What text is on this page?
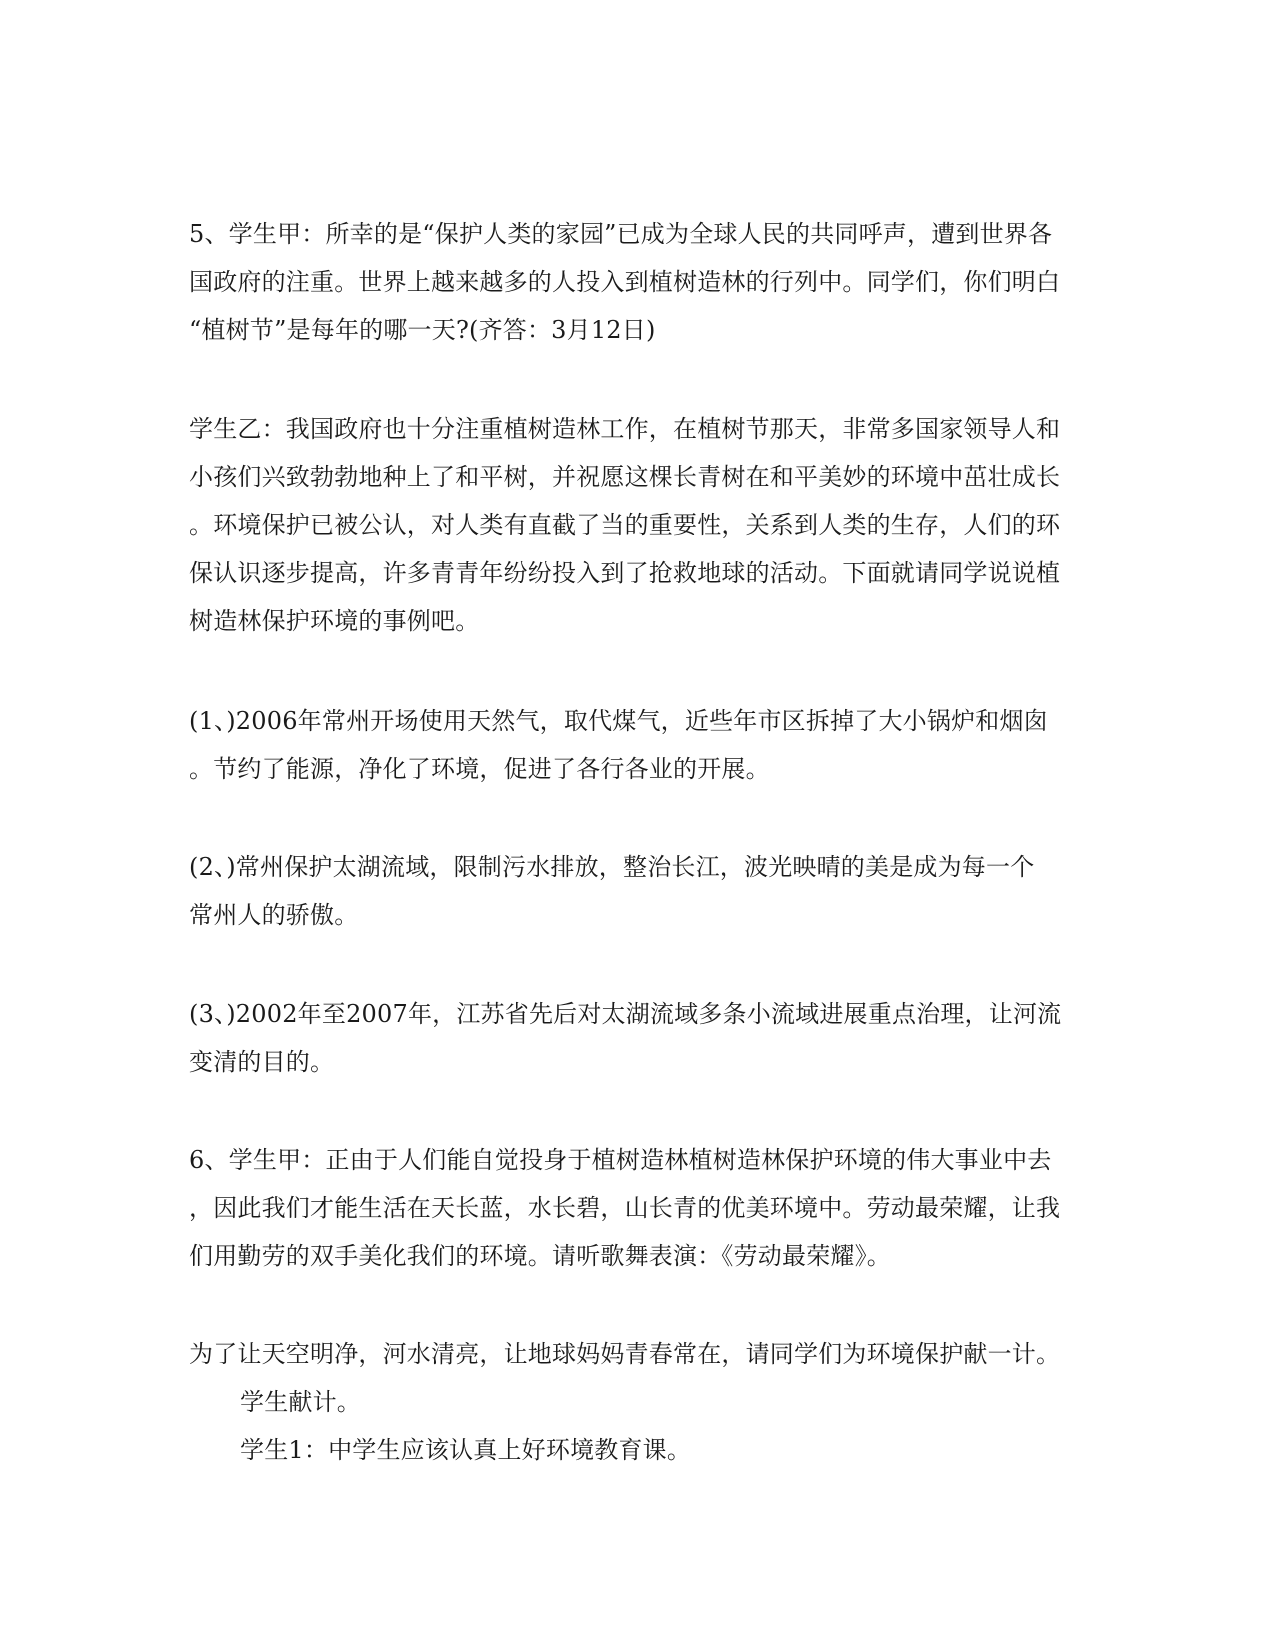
5、学生甲：所幸的是“保护人类的家园”已成为全球人民的共同呼声，遭到世界各
国政府的注重。世界上越来越多的人投入到植树造林的行列中。同学们，你们明白
“植树节”是每年的哪一天?(齐答：3月12日)
学生乙：我国政府也十分注重植树造林工作，在植树节那天，非常多国家领导人和
小孩们兴致勃勃地种上了和平树，并祝愿这棵长青树在和平美妙的环境中茁壮成长
。环境保护已被公认，对人类有直截了当的重要性，关系到人类的生存，人们的环
保认识逐步提高，许多青青年纷纷投入到了抢救地球的活动。下面就请同学说说植
树造林保护环境的事例吧。
(1、)2006年常州开场使用天然气，取代煤气，近些年市区拆掉了大小锅炉和烟囱
。节约了能源，净化了环境，促进了各行各业的开展。
(2、)常州保护太湖流域，限制污水排放，整治长江，波光映晴的美是成为每一个
常州人的骄傲。
(3、)2002年至2007年，江苏省先后对太湖流域多条小流域进展重点治理，让河流
变清的目的。
6、学生甲：正由于人们能自觉投身于植树造林植树造林保护环境的伟大事业中去
，因此我们才能生活在天长蓝，水长碧，山长青的优美环境中。劳动最荣耀，让我
们用勤劳的双手美化我们的环境。请听歌舞表演：《劳动最荣耀》。
为了让天空明净，河水清亮，让地球妈妈青春常在，请同学们为环境保护献一计。
学生献计。
学生1：中学生应该认真上好环境教育课。
